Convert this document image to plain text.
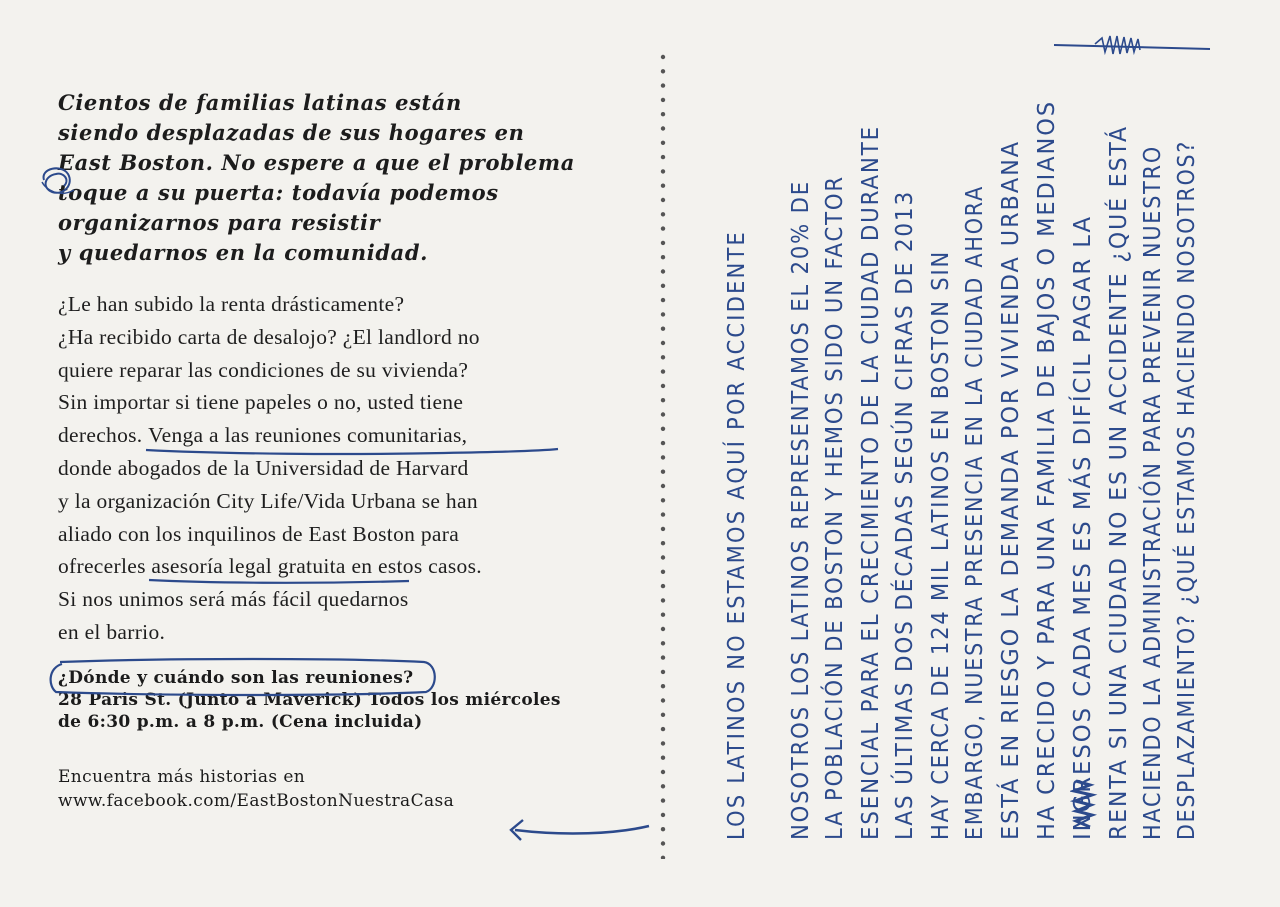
Cientos de familias latinas están
siendo desplazadas de sus hogares en
East Boston. No espere a que el problema
toque a su puerta: todavía podemos
organizarnos para resistir
y quedarnos en la comunidad.
¿Le han subido la renta drásticamente?
¿Ha recibido carta de desalojo? ¿El landlord no
quiere reparar las condiciones de su vivienda?
Sin importar si tiene papeles o no, usted tiene
derechos. Venga a las reuniones comunitarias,
donde abogados de la Universidad de Harvard
y la organización City Life/Vida Urbana se han
aliado con los inquilinos de East Boston para
ofrecerles asesoría legal gratuita
en estos casos.
Si nos unimos será más fácil quedarnos
en el barrio.
¿Dónde y cuándo son las reuniones?
28 Paris St. (Junto a Maverick) Todos los miércoles
de 6:30 p.m. a 8 p.m. (Cena incluida)
Encuentra más historias en
www.facebook.com/EastBostonNuestraCasa	LOS LATINOS NO ESTAMOS AQUÍ POR ACCIDENTE NOSOTROS LOS LATINOS REPRESENTAMOS EL 20% DE LA POBLACIÓN DE BOSTON Y HEMOS SIDO UN FACTOR ESENCIAL PARA EL CRECIMIENTO DE LA CIUDAD DURANTE LAS ÚLTIMAS DOS DÉCADAS SEGÚN CIFRAS DE 2013 HAY CERCA DE 124 MIL LATINOS EN BOSTON SIN EMBARGO, NUESTRA PRESENCIA EN LA CIUDAD AHORA ESTÁ EN RIESGO LA DEMANDA POR VIVIENDA URBANA HA CRECIDO Y PARA UNA FAMILIA DE BAJOS O MEDIANOS INGRESOS CADA MES ES MÁS DIFÍCIL PAGAR LA RENTA SI UNA CIUDAD NO ES UN ACCIDENTE ¿QUÉ ESTÁ HACIENDO LA ADMINISTRACIÓN PARA PREVENIR NUESTRO DESPLAZAMIENTO? ¿QUÉ ESTAMOS HACIENDO NOSOTROS?
